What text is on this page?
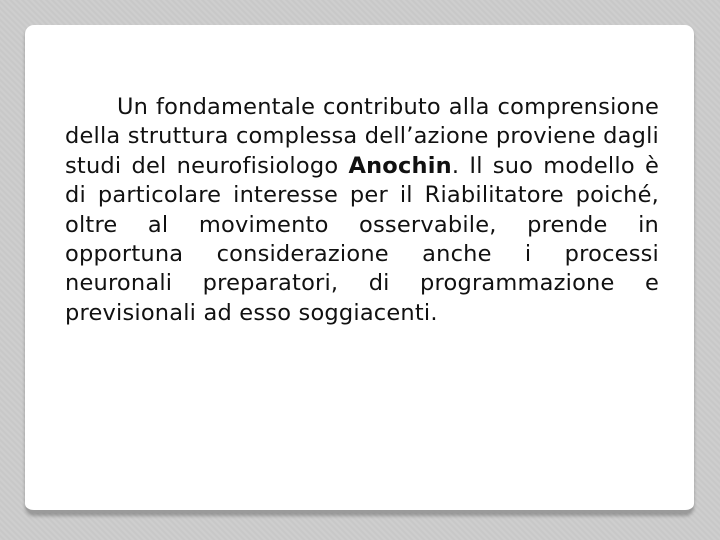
Un fondamentale contributo alla comprensione della struttura complessa dell’azione proviene dagli studi del neurofisiologo Anochin. Il suo modello è di particolare interesse per il Riabilitatore poiché, oltre al movimento osservabile, prende in opportuna considerazione anche i processi neuronali preparatori, di programmazione e previsionali ad esso soggiacenti.
